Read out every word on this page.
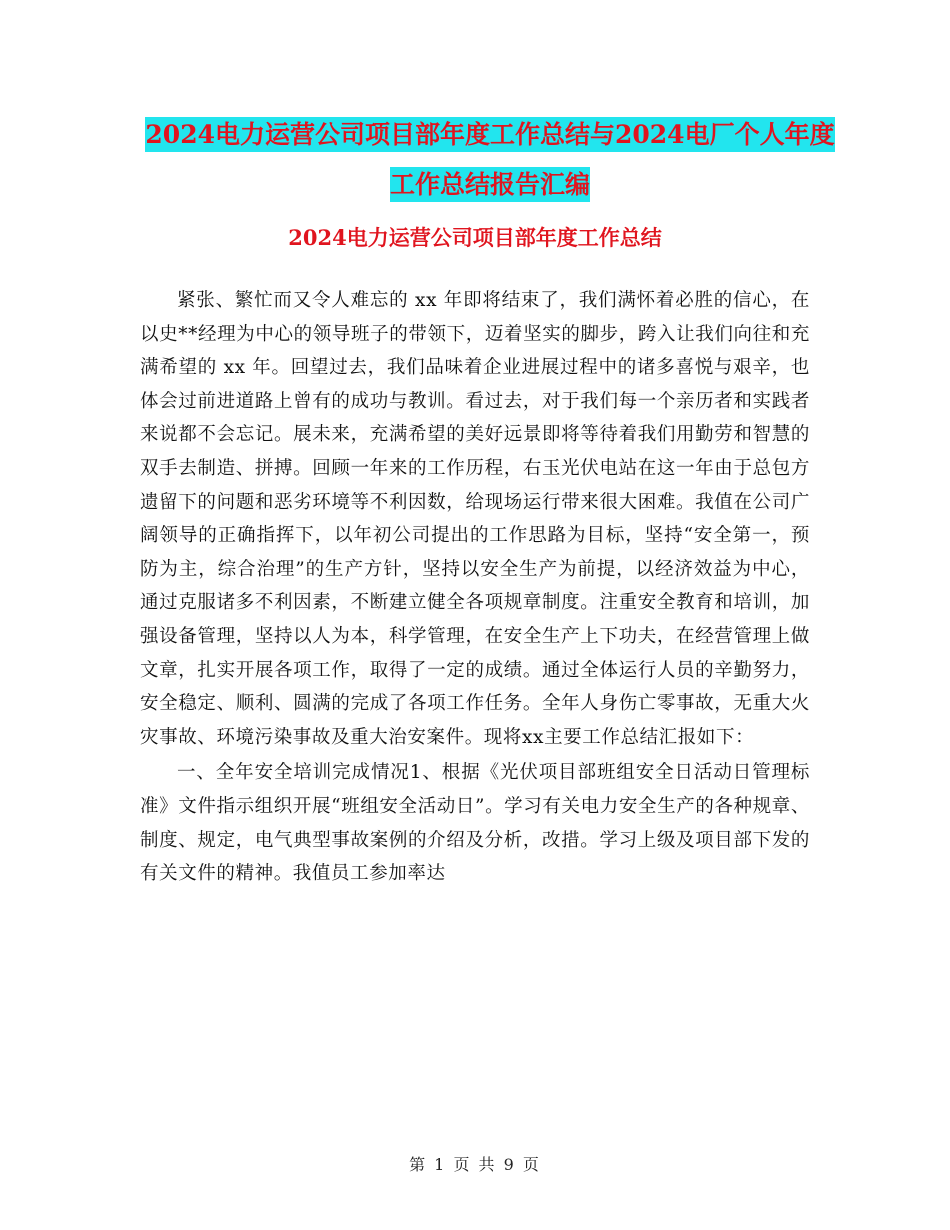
2024电力运营公司项目部年度工作总结与2024电厂个人年度工作总结报告汇编
2024电力运营公司项目部年度工作总结

紧张、繁忙而又令人难忘的 xx 年即将结束了，我们满怀着必胜的信心，在以史**经理为中心的领导班子的带领下，迈着坚实的脚步，跨入让我们向往和充满希望的 xx 年。回望过去，我们品味着企业进展过程中的诸多喜悦与艰辛，也体会过前进道路上曾有的成功与教训。看过去，对于我们每一个亲历者和实践者来说都不会忘记。展未来，充满希望的美好远景即将等待着我们用勤劳和智慧的双手去制造、拼搏。回顾一年来的工作历程，右玉光伏电站在这一年由于总包方遗留下的问题和恶劣环境等不利因数，给现场运行带来很大困难。我值在公司广阔领导的正确指挥下，以年初公司提出的工作思路为目标，坚持“安全第一，预防为主，综合治理”的生产方针，坚持以安全生产为前提，以经济效益为中心，通过克服诸多不利因素，不断建立健全各项规章制度。注重安全教育和培训，加强设备管理，坚持以人为本，科学管理，在安全生产上下功夫，在经营管理上做文章，扎实开展各项工作，取得了一定的成绩。通过全体运行人员的辛勤努力，安全稳定、顺利、圆满的完成了各项工作任务。全年人身伤亡零事故，无重大火灾事故、环境污染事故及重大治安案件。现将xx主要工作总结汇报如下：

一、全年安全培训完成情况1、根据《光伏项目部班组安全日活动日管理标准》文件指示组织开展“班组安全活动日”。学习有关电力安全生产的各种规章、制度、规定，电气典型事故案例的介绍及分析，改措。学习上级及项目部下发的有关文件的精神。我值员工参加率达

第 1 页 共 9 页
